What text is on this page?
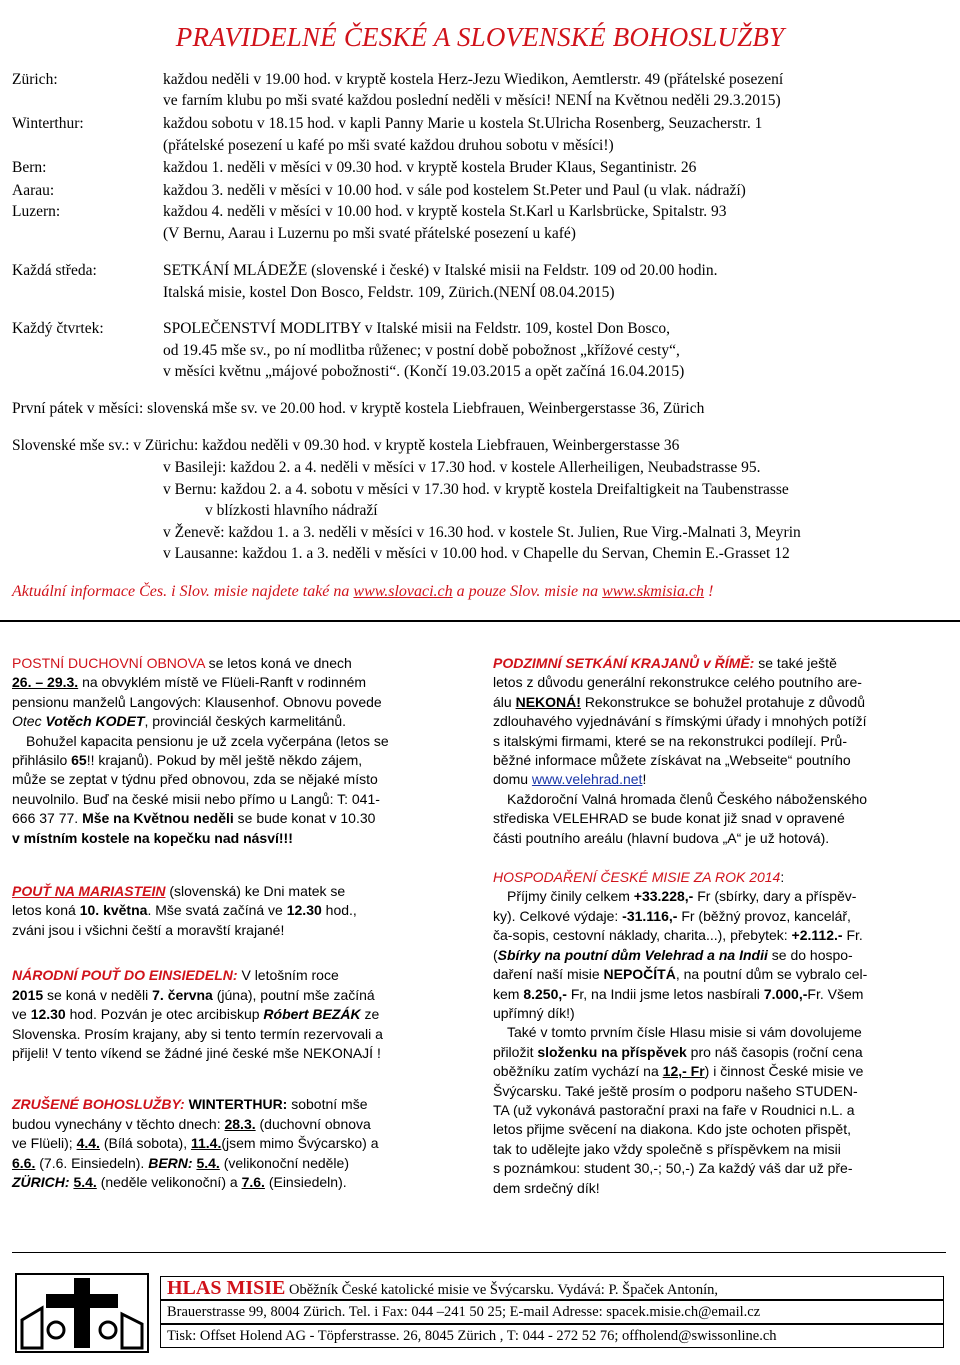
PRAVIDELNÉ ČESKÉ A SLOVENSKÉ BOHOSLUŽBY
Zürich:	každou neděli v 19.00 hod. v kryptě kostela Herz-Jezu Wiedikon, Aemtlerstr. 49 (přátelské posezení
ve farním klubu po mši svaté každou poslední neděli v měsíci! NENÍ na Květnou neděli 29.3.2015)
Winterthur:	každou sobotu v 18.15 hod. v kapli Panny Marie u kostela St.Ulricha Rosenberg, Seuzacherstr. 1
(přátelské posezení u kafé po mši svaté každou druhou sobotu v měsíci!)
Bern:	každou 1. neděli v měsíci v 09.30 hod. v kryptě kostela Bruder Klaus, Segantinistr. 26
Aarau:	každou 3. neděli v měsíci v 10.00 hod. v sále pod kostelem St.Peter und Paul (u vlak. nádraží)
Luzern:	každou 4. neděli v měsíci v 10.00 hod. v kryptě kostela St.Karl u Karlsbrücke, Spitalstr. 93
(V Bernu, Aarau i Luzernu po mši svaté přátelské posezení u kafé)
Každá středa:	SETKÁNÍ MLÁDEŽE (slovenské i české) v Italské misii na Feldstr. 109 od 20.00 hodin.
Italská misie, kostel Don Bosco, Feldstr. 109, Zürich.(NENÍ 08.04.2015)
Každý čtvrtek:	SPOLEČENSTVÍ MODLITBY v Italské misii na Feldstr. 109, kostel Don Bosco,
od 19.45 mše sv., po ní modlitba růženec; v postní době pobožnost „křížové cesty“,
v měsíci květnu „májové pobožnosti“. (Končí 19.03.2015 a opět začíná 16.04.2015)
První pátek v měsíci: slovenská mše sv. ve 20.00 hod. v kryptě kostela Liebfrauen, Weinbergerstasse 36, Zürich
Slovenské mše sv.: v Zürichu: každou neděli v 09.30 hod. v kryptě kostela Liebfrauen, Weinbergerstasse 36
v Basileji: každou 2. a 4. neděli v měsíci v 17.30 hod. v kostele Allerheiligen, Neubadstrasse 95.
v Bernu: každou 2. a 4. sobotu v měsíci v 17.30 hod. v kryptě kostela Dreifaltigkeit na Taubenstrasse
v blízkosti hlavního nádraží
v Ženevě: každou 1. a 3. neděli v měsíci v 16.30 hod. v kostele St. Julien, Rue Virg.-Malnati 3, Meyrin
v Lausanne: každou 1. a 3. neděli v měsíci v 10.00 hod. v Chapelle du Servan, Chemin E.-Grasset 12
Aktuální informace Čes. i Slov. misie najdete také na www.slovaci.ch a pouze Slov. misie na www.skmisia.ch !

POSTNÍ DUCHOVNÍ OBNOVA se letos koná ve dnech

26. – 29.3. na obvyklém místě ve Flüeli-Ranft v rodinném

pensionu manželů Langových: Klausenhof. Obnovu povede

Otec Votěch KODET, provinciál českých karmelitánů.

Bohužel kapacita pensionu je už zcela vyčerpána (letos se

přihlásilo 65!! krajanů). Pokud by měl ještě někdo zájem,

může se zeptat v týdnu před obnovou, zda se nějaké místo

neuvolnilo. Buď na české misii nebo přímo u Langů: T: 041-

666 37 77. Mše na Květnou neděli se bude konat v 10.30

v místním kostele na kopečku nad násví!!!

POUŤ NA MARIASTEIN (slovenská) ke Dni matek se

letos koná 10. května. Mše svatá začíná ve 12.30 hod.,

zváni jsou i všichni čeští a moravští krajané!

NÁRODNÍ POUŤ DO EINSIEDELN: V letošním roce

2015 se koná v neděli 7. června (júna), poutní mše začíná

ve 12.30 hod. Pozván je otec arcibiskup Róbert BEZÁK ze

Slovenska. Prosím krajany, aby si tento termín rezervovali a

přijeli! V tento víkend se žádné jiné české mše NEKONAJÍ !

ZRUŠENÉ BOHOSLUŽBY: WINTERTHUR: sobotní mše

budou vynechány v těchto dnech: 28.3. (duchovní obnova

ve Flüeli); 4.4. (Bílá sobota), 11.4.(jsem mimo Švýcarsko) a

6.6. (7.6. Einsiedeln). BERN: 5.4. (velikonoční neděle)

ZÜRICH: 5.4. (neděle velikonoční) a 7.6. (Einsiedeln).

PODZIMNÍ SETKÁNÍ KRAJANŮ v ŘÍMĚ: se také ještě

letos z důvodu generální rekonstrukce celého poutního are-

álu NEKONÁ! Rekonstrukce se bohužel protahuje z důvodů

zdlouhavého vyjednávání s římskými úřady i mnohých potíží

s italskými firmami, které se na rekonstrukci podílejí. Prů-

běžné informace můžete získávat na „Webseite“ poutního

domu www.velehrad.net!

Každoroční Valná hromada členů Českého náboženského

střediska VELEHRAD se bude konat již snad v opravené

části poutního areálu (hlavní budova „A“ je už hotová).

HOSPODAŘENÍ ČESKÉ MISIE ZA ROK 2014:

Příjmy činily celkem +33.228,- Fr (sbírky, dary a příspěv-

ky). Celkové výdaje: -31.116,- Fr (běžný provoz, kancelář,

ča-sopis, cestovní náklady, charita...), přebytek: +2.112.- Fr.

(Sbírky na poutní dům Velehrad a na Indii se do hospo-

daření naší misie NEPOČÍTÁ, na poutní dům se vybralo cel-

kem 8.250,- Fr, na Indii jsme letos nasbírali 7.000,-Fr. Všem

upřímný dík!)

Také v tomto prvním čísle Hlasu misie si vám dovolujeme

přiložit složenku na příspěvek pro náš časopis (roční cena

oběžníku zatím vychází na 12,- Fr) i činnost České misie ve

Švýcarsku. Také ještě prosím o podporu našeho STUDEN-

TA (už vykonává pastorační praxi na faře v Roudnici n.L. a

letos přijme svěcení na diakona. Kdo jste ochoten přispět,

tak to udělejte jako vždy společně s příspěvkem na misii

s poznámkou: student 30,-; 50,-) Za každý váš dar už pře-

dem srdečný dík!

HLAS MISIE Oběžník České katolické misie ve Švýcarsku. Vydává: P. Špaček Antonín,
Brauerstrasse 99, 8004 Zürich. Tel. i Fax: 044 –241 50 25; E-mail Adresse: spacek.misie.ch@email.cz
Tisk: Offset Holend AG - Töpferstrasse. 26, 8045 Zürich , T: 044 - 272 52 76; offholend@swissonline.ch
